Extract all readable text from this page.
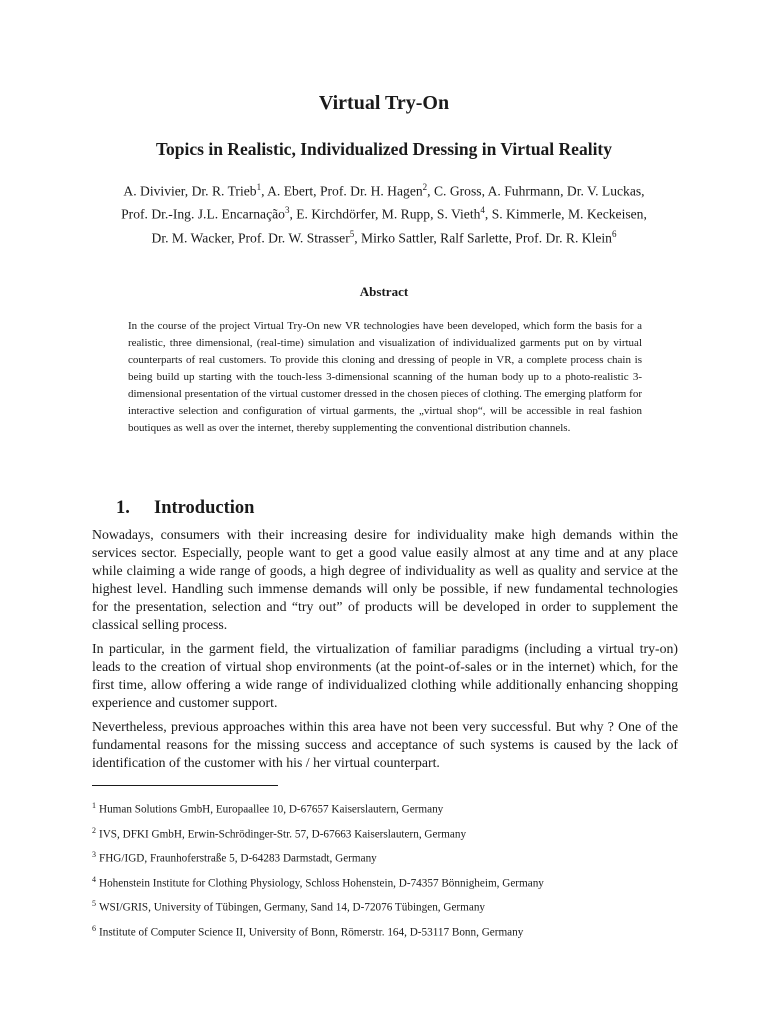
Virtual Try-On
Topics in Realistic, Individualized Dressing in Virtual Reality

A. Divivier, Dr. R. Trieb$^1$, A. Ebert, Prof. Dr. H. Hagen$^2$, C. Gross, A. Fuhrmann, Dr. V. Luckas, Prof. Dr.-Ing. J.L. Encarnação$^3$, E. Kirchdörfer, M. Rupp, S. Vieth$^4$, S. Kimmerle, M. Keckeisen, Dr. M. Wacker, Prof. Dr. W. Strasser$^5$, Mirko Sattler, Ralf Sarlette, Prof. Dr. R. Klein$^6$

Abstract

In the course of the project Virtual Try-On new VR technologies have been developed, which form the basis for a realistic, three dimensional, (real-time) simulation and visualization of individualized garments put on by virtual counterparts of real customers. To provide this cloning and dressing of people in VR, a complete process chain is being build up starting with the touch-less 3-dimensional scanning of the human body up to a photo-realistic 3-dimensional presentation of the virtual customer dressed in the chosen pieces of clothing. The emerging platform for interactive selection and configuration of virtual garments, the „virtual shop“, will be accessible in real fashion boutiques as well as over the internet, thereby supplementing the conventional distribution channels.

1. Introduction

Nowadays, consumers with their increasing desire for individuality make high demands within the services sector. Especially, people want to get a good value easily almost at any time and at any place while claiming a wide range of goods, a high degree of individuality as well as quality and service at the highest level. Handling such immense demands will only be possible, if new fundamental technologies for the presentation, selection and “try out” of products will be developed in order to supplement the classical selling process.

In particular, in the garment field, the virtualization of familiar paradigms (including a virtual try-on) leads to the creation of virtual shop environments (at the point-of-sales or in the internet) which, for the first time, allow offering a wide range of individualized clothing while additionally enhancing shopping experience and customer support.

Nevertheless, previous approaches within this area have not been very successful. But why ? One of the fundamental reasons for the missing success and acceptance of such systems is caused by the lack of identification of the customer with his / her virtual counterpart.

$^1$ Human Solutions GmbH, Europaallee 10, D-67657 Kaiserslautern, Germany
$^2$ IVS, DFKI GmbH, Erwin-Schrödinger-Str. 57, D-67663 Kaiserslautern, Germany
$^3$ FHG/IGD, Fraunhoferstraße 5, D-64283 Darmstadt, Germany
$^4$ Hohenstein Institute for Clothing Physiology, Schloss Hohenstein, D-74357 Bönnigheim, Germany
$^5$ WSI/GRIS, University of Tübingen, Germany, Sand 14, D-72076 Tübingen, Germany
$^6$ Institute of Computer Science II, University of Bonn, Römerstr. 164, D-53117 Bonn, Germany
